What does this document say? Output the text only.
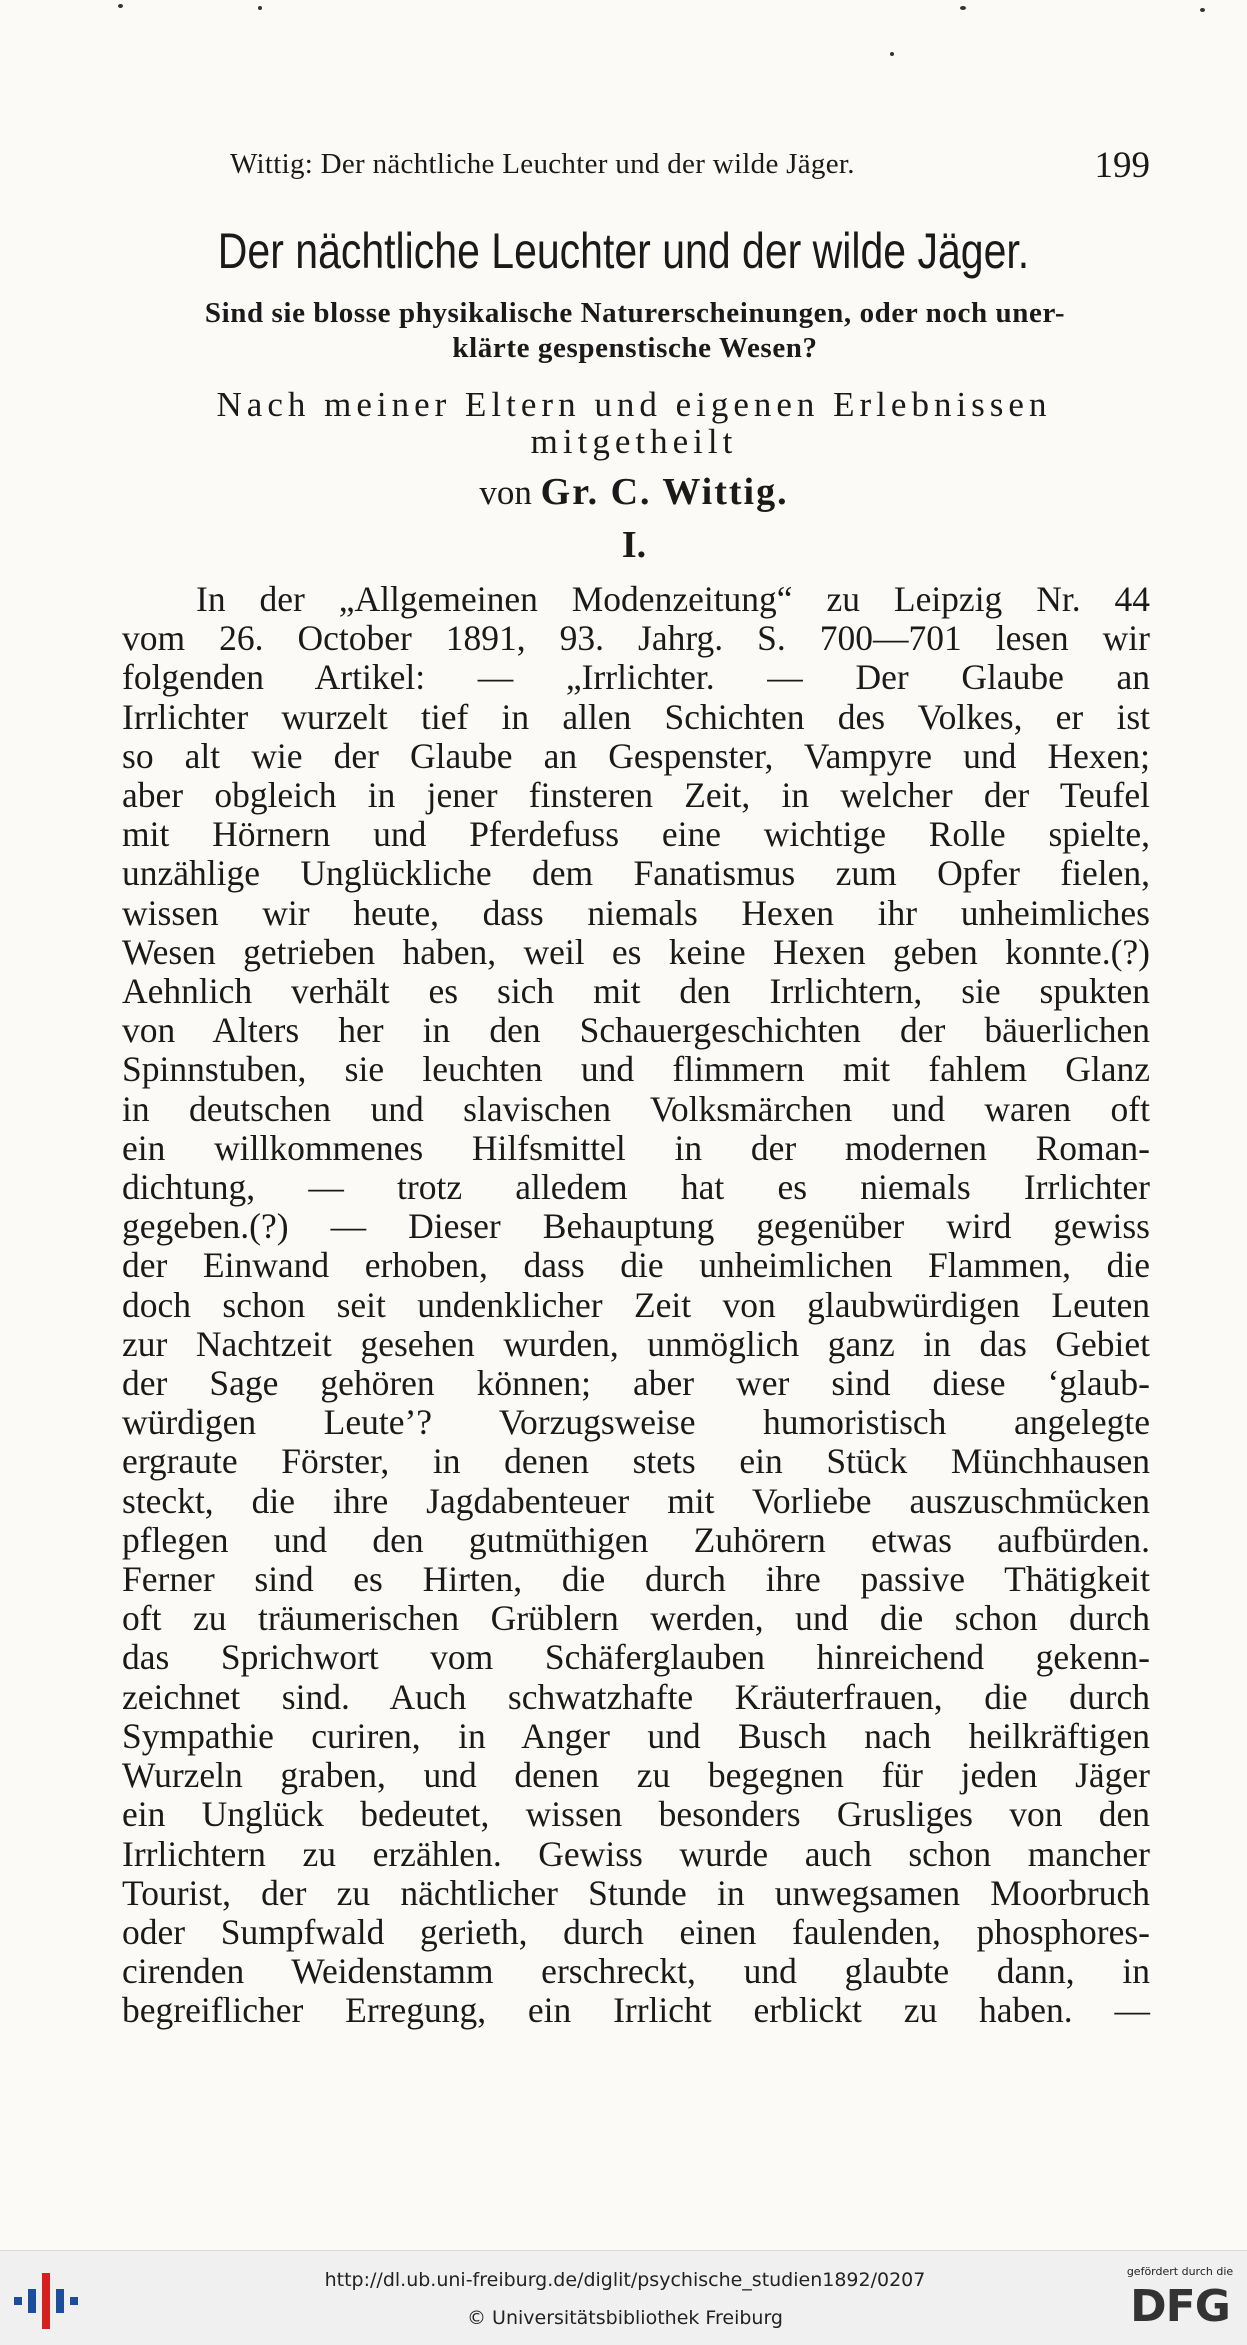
Wittig: Der nächtliche Leuchter und der wilde Jäger.	199
Der nächtliche Leuchter und der wilde Jäger.
Sind sie blosse physikalische Naturerscheinungen, oder noch uner-
klärte gespenstische Wesen?
Nach meiner Eltern und eigenen Erlebnissen
mitgetheilt
von Gr. C. Wittig.
I.
In der „Allgemeinen Modenzeitung“ zu Leipzig Nr. 44
vom 26. October 1891, 93. Jahrg. S. 700—701 lesen wir
folgenden Artikel: — „Irrlichter. — Der Glaube an
Irrlichter wurzelt tief in allen Schichten des Volkes, er ist
so alt wie der Glaube an Gespenster, Vampyre und Hexen;
aber obgleich in jener finsteren Zeit, in welcher der Teufel
mit Hörnern und Pferdefuss eine wichtige Rolle spielte,
unzählige Unglückliche dem Fanatismus zum Opfer fielen,
wissen wir heute, dass niemals Hexen ihr unheimliches
Wesen getrieben haben, weil es keine Hexen geben konnte.(?)
Aehnlich verhält es sich mit den Irrlichtern, sie spukten
von Alters her in den Schauergeschichten der bäuerlichen
Spinnstuben, sie leuchten und flimmern mit fahlem Glanz
in deutschen und slavischen Volksmärchen und waren oft
ein willkommenes Hilfsmittel in der modernen Roman-
dichtung, — trotz alledem hat es niemals Irrlichter
gegeben.(?) — Dieser Behauptung gegenüber wird gewiss
der Einwand erhoben, dass die unheimlichen Flammen, die
doch schon seit undenklicher Zeit von glaubwürdigen Leuten
zur Nachtzeit gesehen wurden, unmöglich ganz in das Gebiet
der Sage gehören können; aber wer sind diese ‘glaub-
würdigen Leute’? Vorzugsweise humoristisch angelegte
ergraute Förster, in denen stets ein Stück Münchhausen
steckt, die ihre Jagdabenteuer mit Vorliebe auszuschmücken
pflegen und den gutmüthigen Zuhörern etwas aufbürden.
Ferner sind es Hirten, die durch ihre passive Thätigkeit
oft zu träumerischen Grüblern werden, und die schon durch
das Sprichwort vom Schäferglauben hinreichend gekenn-
zeichnet sind. Auch schwatzhafte Kräuterfrauen, die durch
Sympathie curiren, in Anger und Busch nach heilkräftigen
Wurzeln graben, und denen zu begegnen für jeden Jäger
ein Unglück bedeutet, wissen besonders Grusliges von den
Irrlichtern zu erzählen. Gewiss wurde auch schon mancher
Tourist, der zu nächtlicher Stunde in unwegsamen Moorbruch
oder Sumpfwald gerieth, durch einen faulenden, phosphores-
cirenden Weidenstamm erschreckt, und glaubte dann, in
begreiflicher Erregung, ein Irrlicht erblickt zu haben. —
http://dl.ub.uni-freiburg.de/diglit/psychische_studien1892/0207
© Universitätsbibliothek Freiburg
gefördert durch die
DFG
